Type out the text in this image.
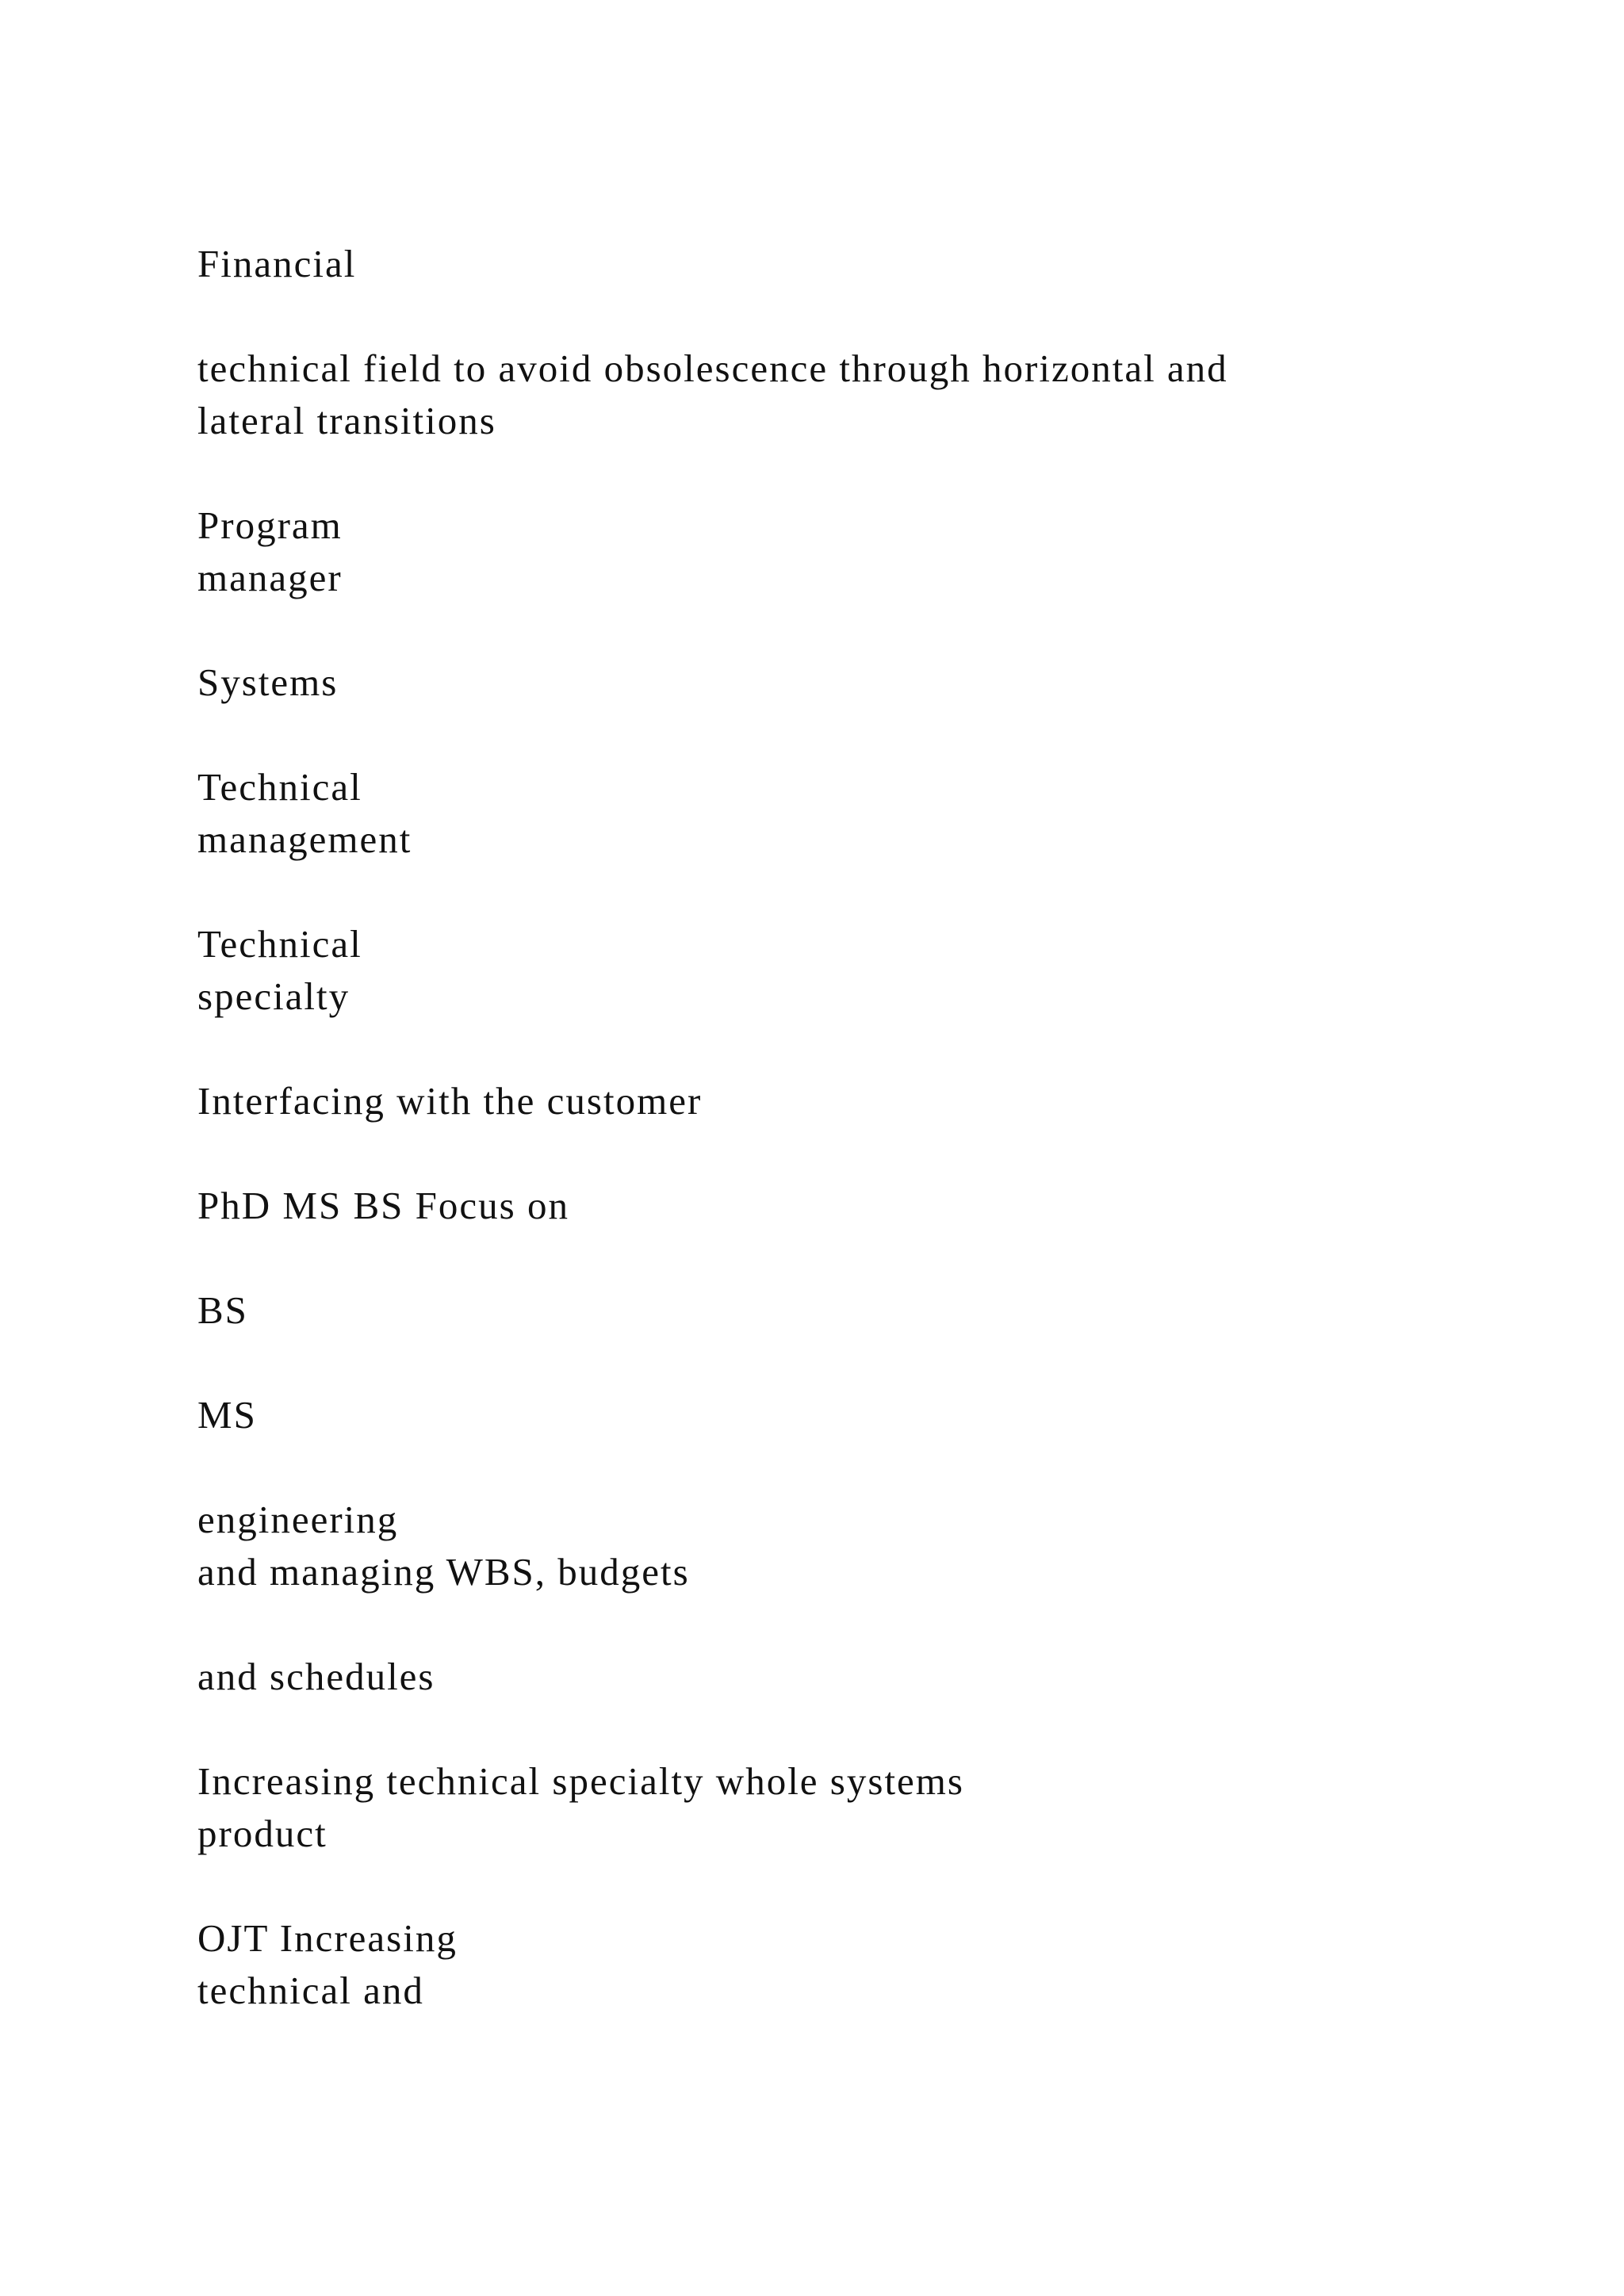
Financial

technical field to avoid obsolescence through horizontal and
lateral transitions

Program
manager

Systems

Technical
management

Technical
specialty

Interfacing with the customer

PhD MS BS Focus on

BS

MS

engineering
and managing WBS, budgets

and schedules

Increasing technical specialty whole systems
product

OJT Increasing
technical and
